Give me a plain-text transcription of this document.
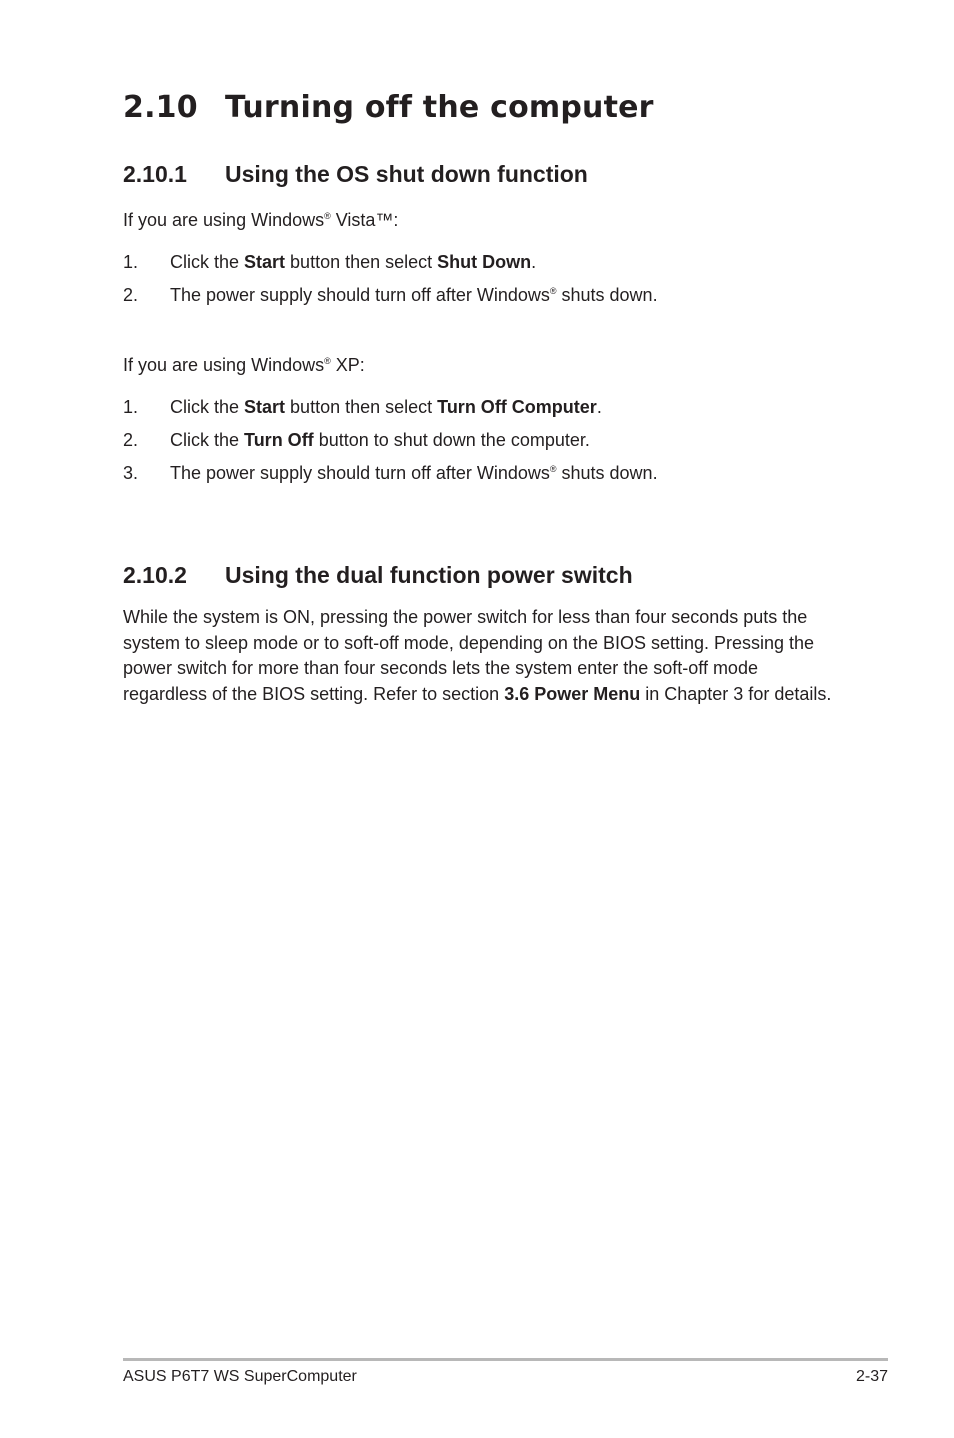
2.10 Turning off the computer
2.10.1 Using the OS shut down function

If you are using Windows® Vista™:

1. Click the Start button then select Shut Down.
2. The power supply should turn off after Windows® shuts down.

If you are using Windows® XP:

1. Click the Start button then select Turn Off Computer.
2. Click the Turn Off button to shut down the computer.
3. The power supply should turn off after Windows® shuts down.
2.10.2 Using the dual function power switch

While the system is ON, pressing the power switch for less than four seconds puts the system to sleep mode or to soft-off mode, depending on the BIOS setting. Pressing the power switch for more than four seconds lets the system enter the soft-off mode regardless of the BIOS setting. Refer to section 3.6 Power Menu in Chapter 3 for details.

ASUS P6T7 WS SuperComputer	2-37
